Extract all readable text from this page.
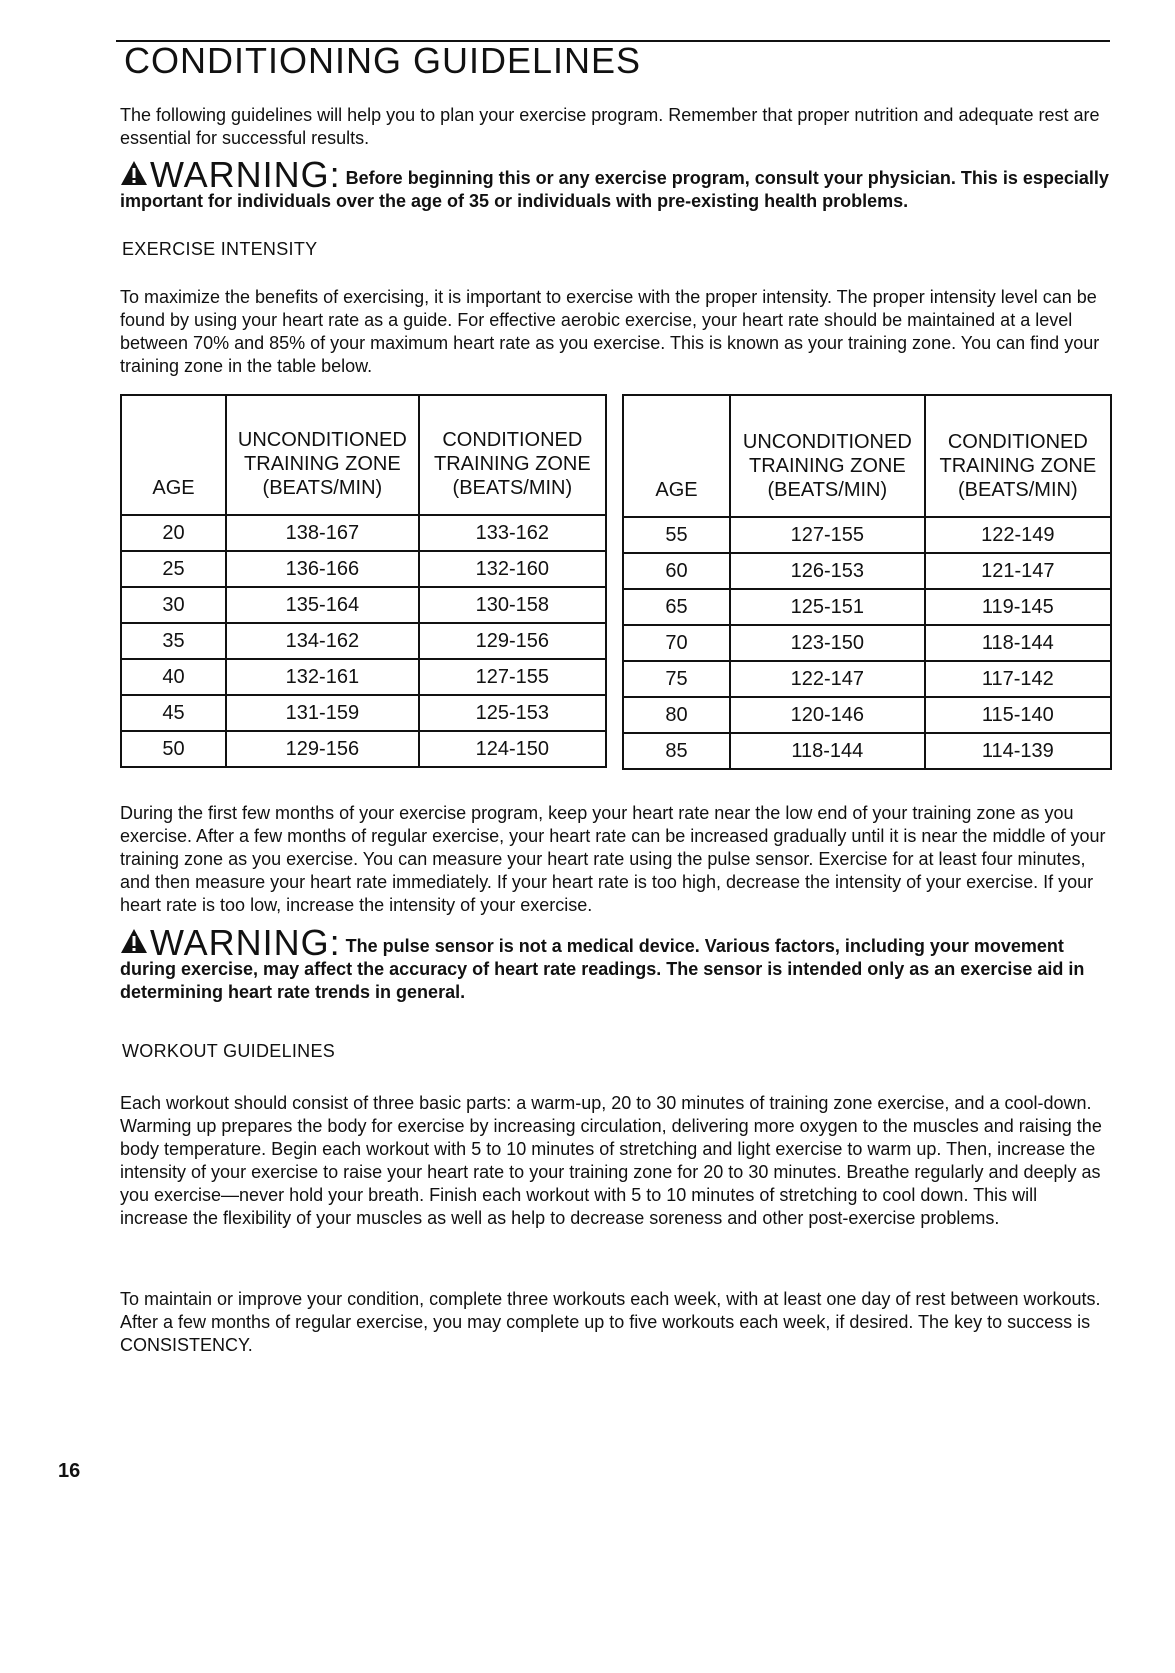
CONDITIONING GUIDELINES

The following guidelines will help you to plan your exercise program. Remember that proper nutrition and adequate rest are essential for successful results.

WARNING: Before beginning this or any exercise program, consult your physician. This is especially important for individuals over the age of 35 or individuals with pre-existing health problems.

EXERCISE INTENSITY

To maximize the benefits of exercising, it is important to exercise with the proper intensity. The proper intensity level can be found by using your heart rate as a guide. For effective aerobic exercise, your heart rate should be maintained at a level between 70% and 85% of your maximum heart rate as you exercise. This is known as your training zone. You can find your training zone in the table below.

AGE	UNCONDITIONED TRAINING ZONE (BEATS/MIN)	CONDITIONED TRAINING ZONE (BEATS/MIN)
20	138-167	133-162
25	136-166	132-160
30	135-164	130-158
35	134-162	129-156
40	132-161	127-155
45	131-159	125-153
50	129-156	124-150
AGE	UNCONDITIONED TRAINING ZONE (BEATS/MIN)	CONDITIONED TRAINING ZONE (BEATS/MIN)
55	127-155	122-149
60	126-153	121-147
65	125-151	119-145
70	123-150	118-144
75	122-147	117-142
80	120-146	115-140
85	118-144	114-139

During the first few months of your exercise program, keep your heart rate near the low end of your training zone as you exercise. After a few months of regular exercise, your heart rate can be increased gradually until it is near the middle of your training zone as you exercise. You can measure your heart rate using the pulse sensor. Exercise for at least four minutes, and then measure your heart rate immediately. If your heart rate is too high, decrease the intensity of your exercise. If your heart rate is too low, increase the intensity of your exercise.

WARNING: The pulse sensor is not a medical device. Various factors, including your movement during exercise, may affect the accuracy of heart rate readings. The sensor is intended only as an exercise aid in determining heart rate trends in general.

WORKOUT GUIDELINES

Each workout should consist of three basic parts: a warm-up, 20 to 30 minutes of training zone exercise, and a cool-down. Warming up prepares the body for exercise by increasing circulation, delivering more oxygen to the muscles and raising the body temperature. Begin each workout with 5 to 10 minutes of stretching and light exercise to warm up. Then, increase the intensity of your exercise to raise your heart rate to your training zone for 20 to 30 minutes. Breathe regularly and deeply as you exercise—never hold your breath. Finish each workout with 5 to 10 minutes of stretching to cool down. This will increase the flexibility of your muscles as well as help to decrease soreness and other post-exercise problems.

To maintain or improve your condition, complete three workouts each week, with at least one day of rest between workouts. After a few months of regular exercise, you may complete up to five workouts each week, if desired. The key to success is CONSISTENCY.

16
